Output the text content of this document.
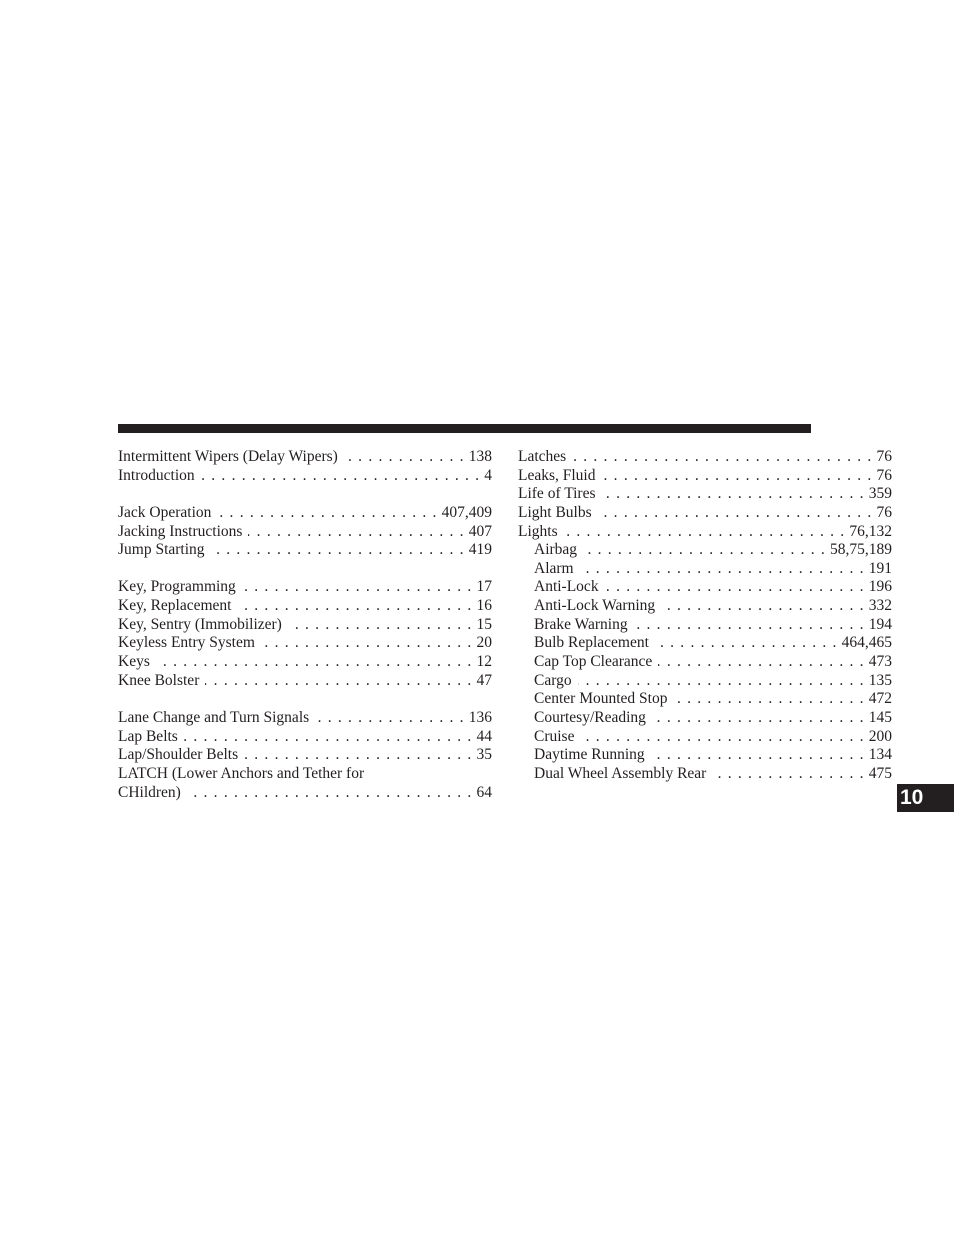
Intermittent Wipers (Delay Wipers) . . .	138
Introduction . . .	4
Jack Operation . . .	407,409
Jacking Instructions . . .	407
Jump Starting . . .	419
Key, Programming . . .	17
Key, Replacement . . .	16
Key, Sentry (Immobilizer) . . .	15
Keyless Entry System . . .	20
Keys . . .	12
Knee Bolster . . .	47
Lane Change and Turn Signals . . .	136
Lap Belts . . .	44
Lap/Shoulder Belts . . .	35
LATCH (Lower Anchors and Tether for
CHildren) . . .	64
Latches . . .	76
Leaks, Fluid . . .	76
Life of Tires . . .	359
Light Bulbs . . .	76
Lights . . .	76,132
Airbag . . .	58,75,189
Alarm . . .	191
Anti-Lock . . .	196
Anti-Lock Warning . . .	332
Brake Warning . . .	194
Bulb Replacement . . .	464,465
Cap Top Clearance . . .	473
Cargo . . .	135
Center Mounted Stop . . .	472
Courtesy/Reading . . .	145
Cruise . . .	200
Daytime Running . . .	134
Dual Wheel Assembly Rear . . .	475
10
